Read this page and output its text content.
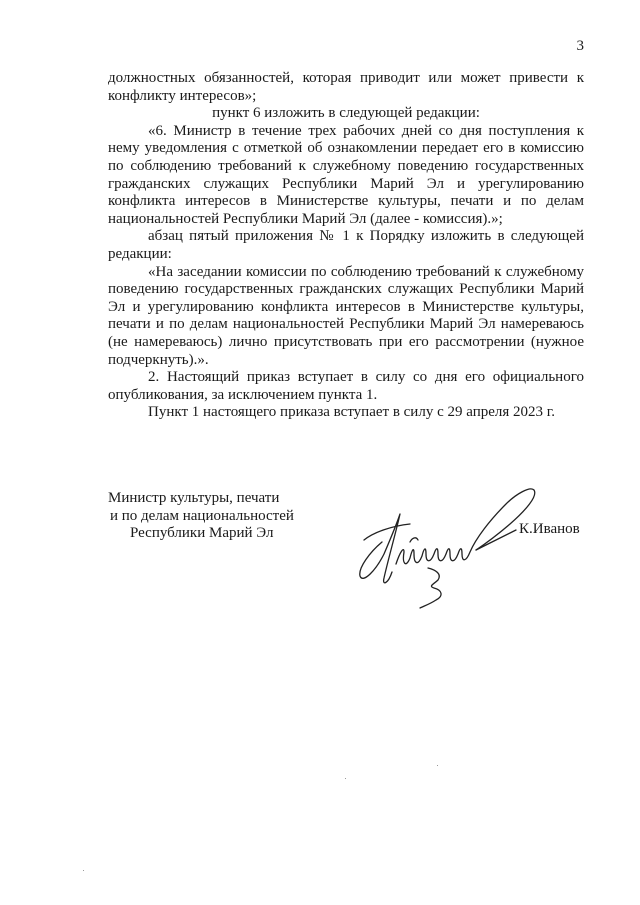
3

должностных обязанностей, которая приводит или может привести к конфликту интересов»;

пункт 6 изложить в следующей редакции:

«6. Министр в течение трех рабочих дней со дня поступления к нему уведомления с отметкой об ознакомлении передает его в комиссию по соблюдению требований к служебному поведению государственных гражданских служащих Республики Марий Эл и урегулированию конфликта интересов в Министерстве культуры, печати и по делам национальностей Республики Марий Эл (далее - комиссия).»;

абзац пятый приложения № 1 к Порядку изложить в следующей редакции:

«На заседании комиссии по соблюдению требований к служебному поведению государственных гражданских служащих Республики Марий Эл и урегулированию конфликта интересов в Министерстве культуры, печати и по делам национальностей Республики Марий Эл намереваюсь (не намереваюсь) лично присутствовать при его рассмотрении (нужное подчеркнуть).».

2. Настоящий приказ вступает в силу со дня его официального опубликования, за исключением пункта 1.

Пункт 1 настоящего приказа вступает в силу с 29 апреля 2023 г.

Министр культуры, печати
и по делам национальностей
Республики Марий Эл	К.Иванов
